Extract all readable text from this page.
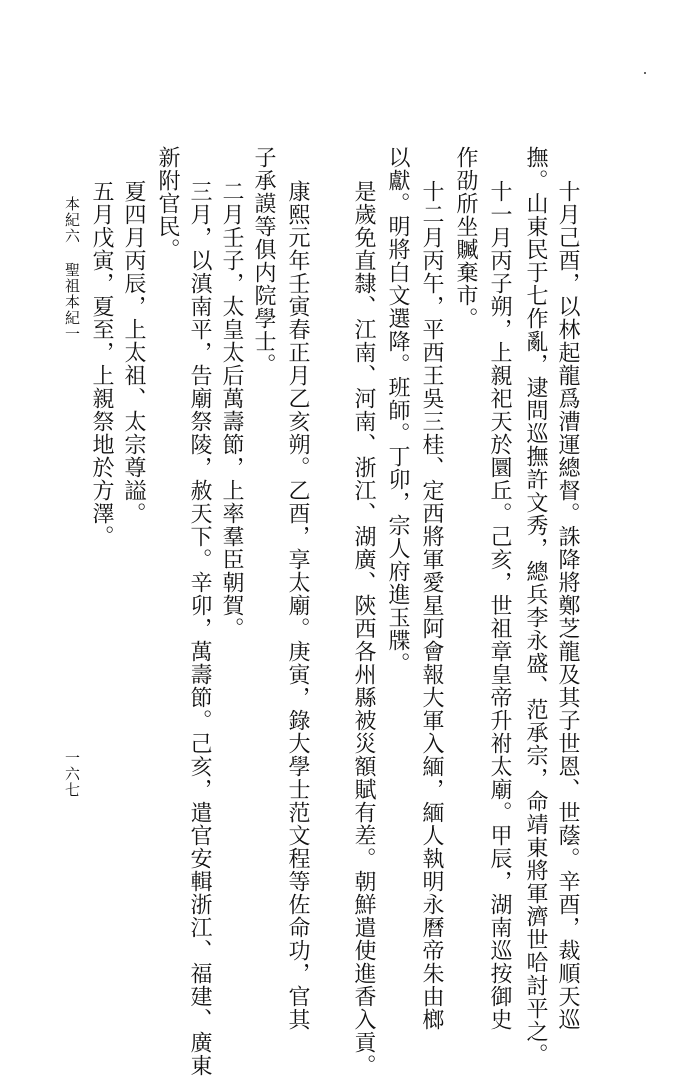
十月己酉，以林起龍爲漕運總督。誅降將鄭芝龍及其子世恩、世蔭。辛酉，裁順天巡
撫。山東民于七作亂，逮問巡撫許文秀，總兵李永盛、范承宗，命靖東將軍濟世哈討平之。
十一月丙子朔，上親祀天於圜丘。己亥，世祖章皇帝升祔太廟。甲辰，湖南巡按御史
作劭斦坐贓棄市。
十二月丙午，平西王吳三桂、定西將軍愛星阿會報大軍入緬，緬人執明永曆帝朱由榔
以獻。明將白文選降。班師。丁卯，宗人府進玉牒。
是歲免直隸、江南、河南、浙江、湖廣、陝西各州縣被災額賦有差。朝鮮遣使進香入貢。
康熙元年壬寅春正月乙亥朔。乙酉，享太廟。庚寅，錄大學士范文程等佐命功，官其
子承謨等俱内院學士。
二月壬子，太皇太后萬壽節，上率羣臣朝賀。
三月，以滇南平，告廟祭陵，赦天下。辛卯，萬壽節。己亥，遣官安輯浙江、福建、廣東
新附官民。
夏四月丙辰，上太祖、太宗尊謚。
五月戊寅，夏至，上親祭地於方澤。
本紀六聖祖本紀一
一六七
